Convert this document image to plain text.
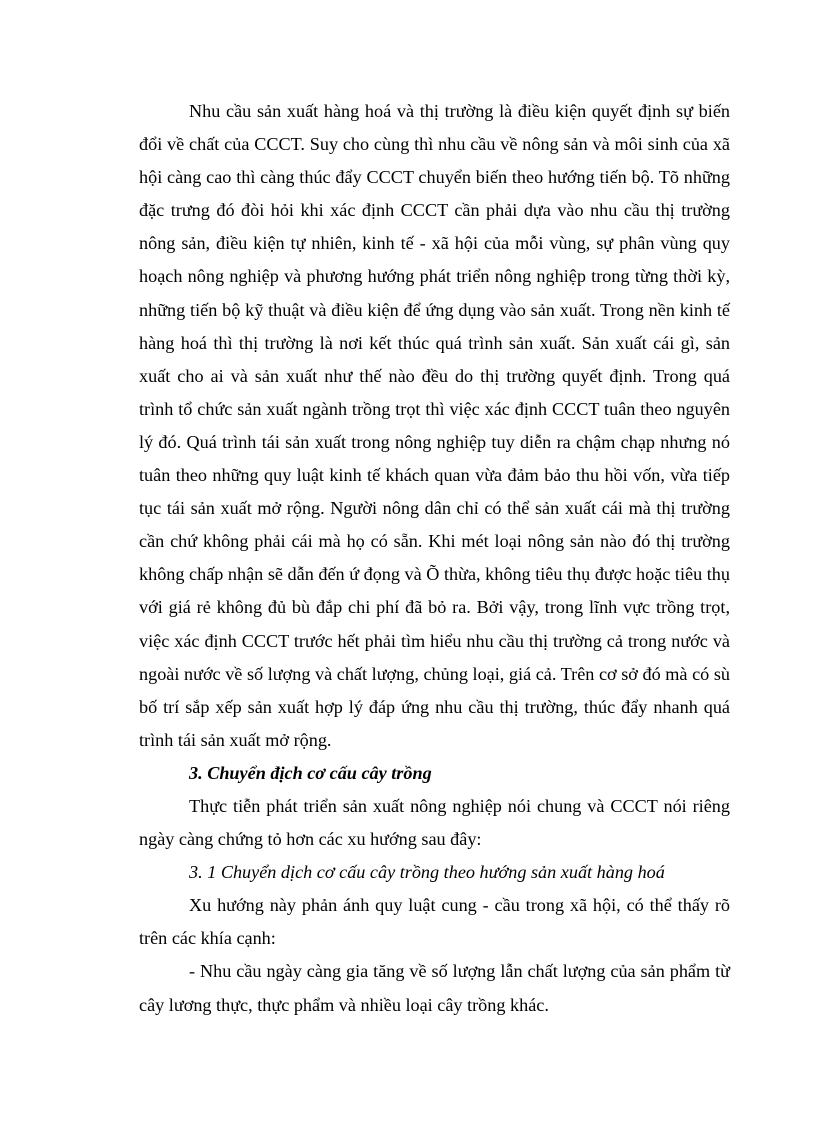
Nhu cầu sản xuất hàng hoá và thị trường là điều kiện quyết định sự biến đổi về chất của CCCT. Suy cho cùng thì nhu cầu về nông sản và môi sinh của xã hội càng cao thì càng thúc đẩy CCCT chuyển biến theo hướng tiến bộ. Tõ những đặc trưng đó đòi hỏi khi xác định CCCT cần phải dựa vào nhu cầu thị trường nông sản, điều kiện tự nhiên, kinh tế - xã hội của mỗi vùng, sự phân vùng quy hoạch nông nghiệp và phương hướng phát triển nông nghiệp trong từng thời kỳ, những tiến bộ kỹ thuật và điều kiện để ứng dụng vào sản xuất. Trong nền kinh tế hàng hoá thì thị trường là nơi kết thúc quá trình sản xuất. Sản xuất cái gì, sản xuất cho ai và sản xuất như thế nào đều do thị trường quyết định. Trong quá trình tổ chức sản xuất ngành trồng trọt thì việc xác định CCCT tuân theo nguyên lý đó. Quá trình tái sản xuất trong nông nghiệp tuy diễn ra chậm chạp nhưng nó tuân theo những quy luật kinh tế khách quan vừa đảm bảo thu hồi vốn, vừa tiếp tục tái sản xuất mở rộng. Người nông dân chỉ có thể sản xuất cái mà thị trường cần chứ không phải cái mà họ có sẵn. Khi mét loại nông sản nào đó thị trường không chấp nhận sẽ dẫn đến ứ đọng và Õ thừa, không tiêu thụ được hoặc tiêu thụ với giá rẻ không đủ bù đắp chi phí đã bỏ ra. Bởi vậy, trong lĩnh vực trồng trọt, việc xác định CCCT trước hết phải tìm hiểu nhu cầu thị trường cả trong nước và ngoài nước về số lượng và chất lượng, chủng loại, giá cả. Trên cơ sở đó mà có sù bố trí sắp xếp sản xuất hợp lý đáp ứng nhu cầu thị trường, thúc đẩy nhanh quá trình tái sản xuất mở rộng.

3. Chuyển địch cơ cấu cây trồng

Thực tiễn phát triển sản xuất nông nghiệp nói chung và CCCT nói riêng ngày càng chứng tỏ hơn các xu hướng sau đây:

3. 1 Chuyển dịch cơ cấu cây trồng theo hướng sản xuất hàng hoá

Xu hướng này phản ánh quy luật cung - cầu trong xã hội, có thể thấy rõ trên các khía cạnh:

- Nhu cầu ngày càng gia tăng về số lượng lẫn chất lượng của sản phẩm từ cây lương thực, thực phẩm và nhiều loại cây trồng khác.
